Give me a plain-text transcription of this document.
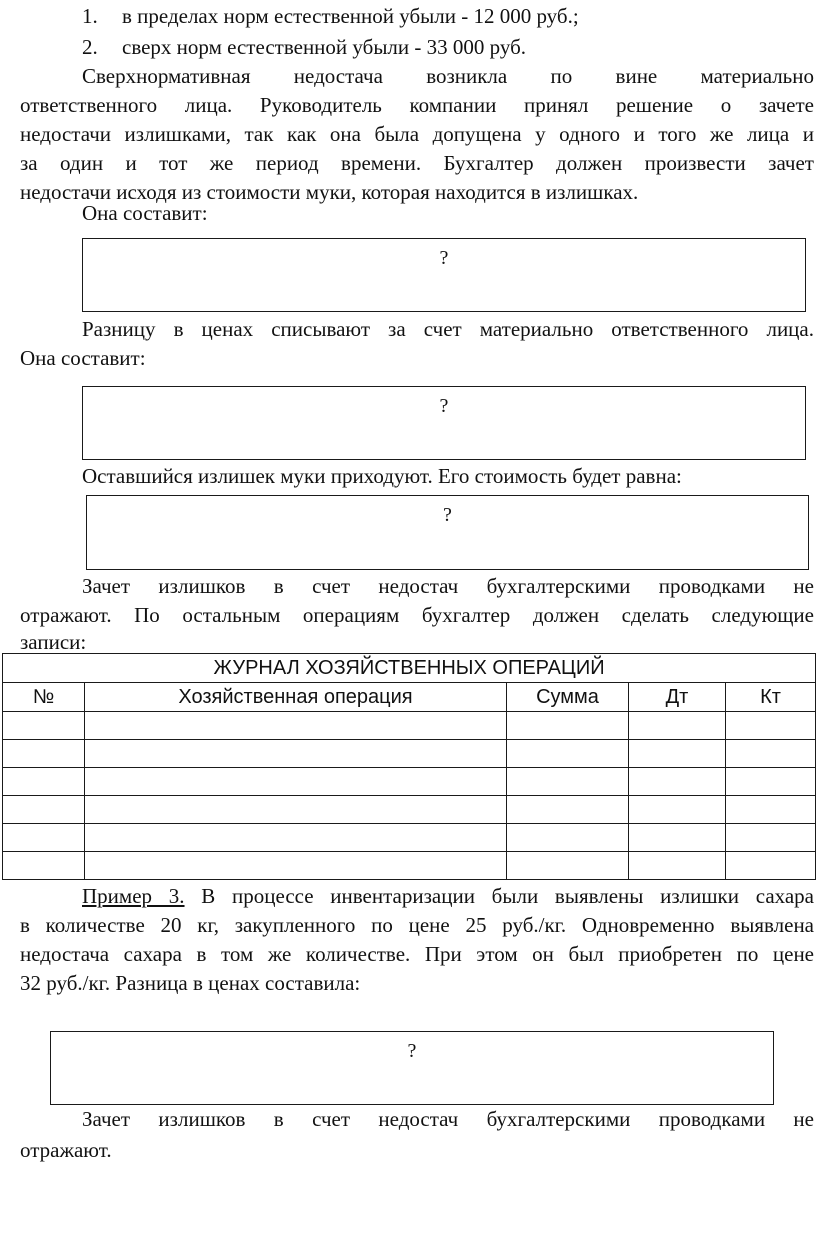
1. в пределах норм естественной убыли - 12 000 руб.;

2. сверх норм естественной убыли - 33 000 руб.

Сверхнормативная недостача возникла по вине материально

ответственного лица. Руководитель компании принял решение о зачете

недостачи излишками, так как она была допущена у одного и того же лица и

за один и тот же период времени. Бухгалтер должен произвести зачет

недостачи исходя из стоимости муки, которая находится в излишках.

Она составит:

?

Разницу в ценах списывают за счет материально ответственного лица.

Она составит:

?

Оставшийся излишек муки приходуют. Его стоимость будет равна:

?

Зачет излишков в счет недостач бухгалтерскими проводками не

отражают. По остальным операциям бухгалтер должен сделать следующие

записи:

ЖУРНАЛ ХОЗЯЙСТВЕННЫХ ОПЕРАЦИЙ				
№	Хозяйственная операция	Сумма	Дт	Кт

Пример 3. В процессе инвентаризации были выявлены излишки сахара

в количестве 20 кг, закупленного по цене 25 руб./кг. Одновременно выявлена

недостача сахара в том же количестве. При этом он был приобретен по цене

32 руб./кг. Разница в ценах составила:

?

Зачет излишков в счет недостач бухгалтерскими проводками не

отражают.
